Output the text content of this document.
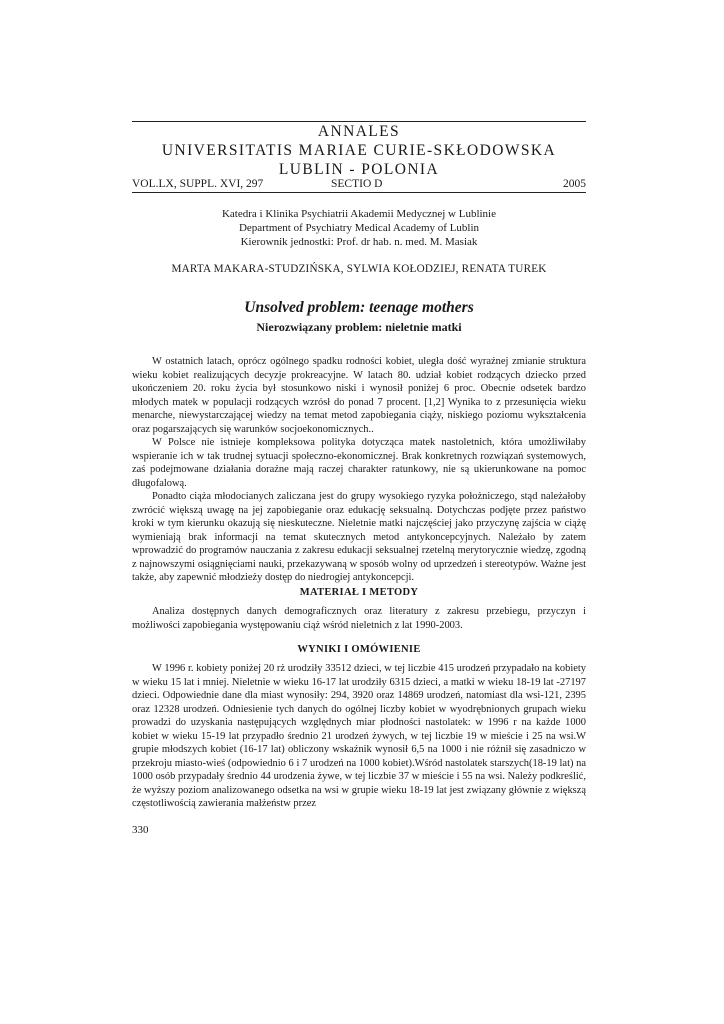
ANNALES
UNIVERSITATIS MARIAE CURIE-SKŁODOWSKA
LUBLIN - POLONIA
VOL.LX, SUPPL. XVI, 297	SECTIO D	2005
Katedra i Klinika Psychiatrii Akademii Medycznej w Lublinie
Department of Psychiatry Medical Academy of Lublin
Kierownik jednostki: Prof. dr hab. n. med. M. Masiak
MARTA MAKARA-STUDZIŃSKA, SYLWIA KOŁODZIEJ, RENATA TUREK
Unsolved problem: teenage mothers
Nierozwiązany problem: nieletnie matki

W ostatnich latach, oprócz ogólnego spadku rodności kobiet, uległa dość wyraźnej zmianie struktura wieku kobiet realizujących decyzje prokreacyjne. W latach 80. udział kobiet rodzących dziecko przed ukończeniem 20. roku życia był stosunkowo niski i wynosił poniżej 6 proc. Obecnie odsetek bardzo młodych matek w populacji rodzących wzrósł do ponad 7 procent. [1,2] Wynika to z przesunięcia wieku menarche, niewystarczającej wiedzy na temat metod zapobiegania ciąży, niskiego poziomu wykształcenia oraz pogarszających się warunków socjoekonomicznych..

W Polsce nie istnieje kompleksowa polityka dotycząca matek nastoletnich, która umożliwiłaby wspieranie ich w tak trudnej sytuacji społeczno-ekonomicznej. Brak konkretnych rozwiązań systemowych, zaś podejmowane działania doraźne mają raczej charakter ratunkowy, nie są ukierunkowane na pomoc długofalową.

Ponadto ciąża młodocianych zaliczana jest do grupy wysokiego ryzyka położniczego, stąd należałoby zwrócić większą uwagę na jej zapobieganie oraz edukację seksualną. Dotychczas podjęte przez państwo kroki w tym kierunku okazują się nieskuteczne. Nieletnie matki najczęściej jako przyczynę zajścia w ciążę wymieniają brak informacji na temat skutecznych metod antykoncepcyjnych. Należało by zatem wprowadzić do programów nauczania z zakresu edukacji seksualnej rzetelną merytorycznie wiedzę, zgodną z najnowszymi osiągnięciami nauki, przekazywaną w sposób wolny od uprzedzeń i stereotypów. Ważne jest także, aby zapewnić młodzieży dostęp do niedrogiej antykoncepcji.

MATERIAŁ I METODY

Analiza dostępnych danych demograficznych oraz literatury z zakresu przebiegu, przyczyn i możliwości zapobiegania występowaniu ciąż wśród nieletnich z lat 1990-2003.

WYNIKI I OMÓWIENIE

W 1996 r. kobiety poniżej 20 rż urodziły 33512 dzieci, w tej liczbie 415 urodzeń przypadało na kobiety w wieku 15 lat i mniej. Nieletnie w wieku 16-17 lat urodziły 6315 dzieci, a matki w wieku 18-19 lat -27197 dzieci. Odpowiednie dane dla miast wynosiły: 294, 3920 oraz 14869 urodzeń, natomiast dla wsi-121, 2395 oraz 12328 urodzeń. Odniesienie tych danych do ogólnej liczby kobiet w wyodrębnionych grupach wieku prowadzi do uzyskania następujących względnych miar płodności nastolatek: w 1996 r na każde 1000 kobiet w wieku 15-19 lat przypadło średnio 21 urodzeń żywych, w tej liczbie 19 w mieście i 25 na wsi.W grupie młodszych kobiet (16-17 lat) obliczony wskaźnik wynosił 6,5 na 1000 i nie różnił się zasadniczo w przekroju miasto-wieś (odpowiednio 6 i 7 urodzeń na 1000 kobiet).Wśród nastolatek starszych(18-19 lat) na 1000 osób przypadały średnio 44 urodzenia żywe, w tej liczbie 37 w mieście i 55 na wsi. Należy podkreślić, że wyższy poziom analizowanego odsetka na wsi w grupie wieku 18-19 lat jest związany głównie z większą częstotliwością zawierania małżeństw przez

330
